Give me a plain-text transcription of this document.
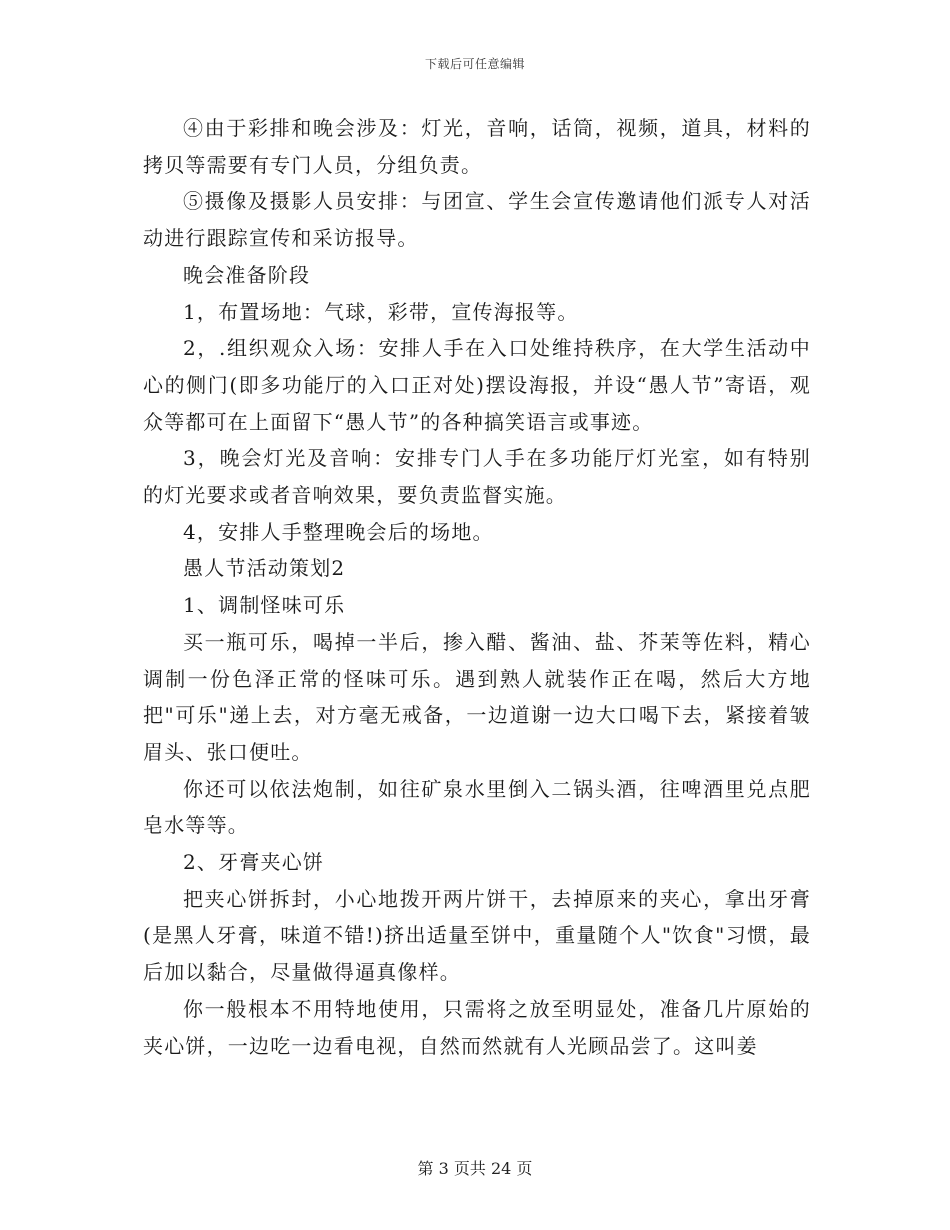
下载后可任意编辑

④由于彩排和晚会涉及：灯光，音响，话筒，视频，道具，材料的拷贝等需要有专门人员，分组负责。

⑤摄像及摄影人员安排：与团宣、学生会宣传邀请他们派专人对活动进行跟踪宣传和采访报导。

晚会准备阶段

1，布置场地：气球，彩带，宣传海报等。

2，.组织观众入场：安排人手在入口处维持秩序，在大学生活动中心的侧门(即多功能厅的入口正对处)摆设海报，并设“愚人节”寄语，观众等都可在上面留下“愚人节”的各种搞笑语言或事迹。

3，晚会灯光及音响：安排专门人手在多功能厅灯光室，如有特别的灯光要求或者音响效果，要负责监督实施。

4，安排人手整理晚会后的场地。

愚人节活动策划2

1、调制怪味可乐

买一瓶可乐，喝掉一半后，掺入醋、酱油、盐、芥茉等佐料，精心调制一份色泽正常的怪味可乐。遇到熟人就装作正在喝，然后大方地把"可乐"递上去，对方毫无戒备，一边道谢一边大口喝下去，紧接着皱眉头、张口便吐。

你还可以依法炮制，如往矿泉水里倒入二锅头酒，往啤酒里兑点肥皂水等等。

2、牙膏夹心饼

把夹心饼拆封，小心地拨开两片饼干，去掉原来的夹心，拿出牙膏(是黑人牙膏，味道不错!)挤出适量至饼中，重量随个人"饮食"习惯，最后加以黏合，尽量做得逼真像样。

你一般根本不用特地使用，只需将之放至明显处，准备几片原始的夹心饼，一边吃一边看电视，自然而然就有人光顾品尝了。这叫姜

第 3 页共 24 页
